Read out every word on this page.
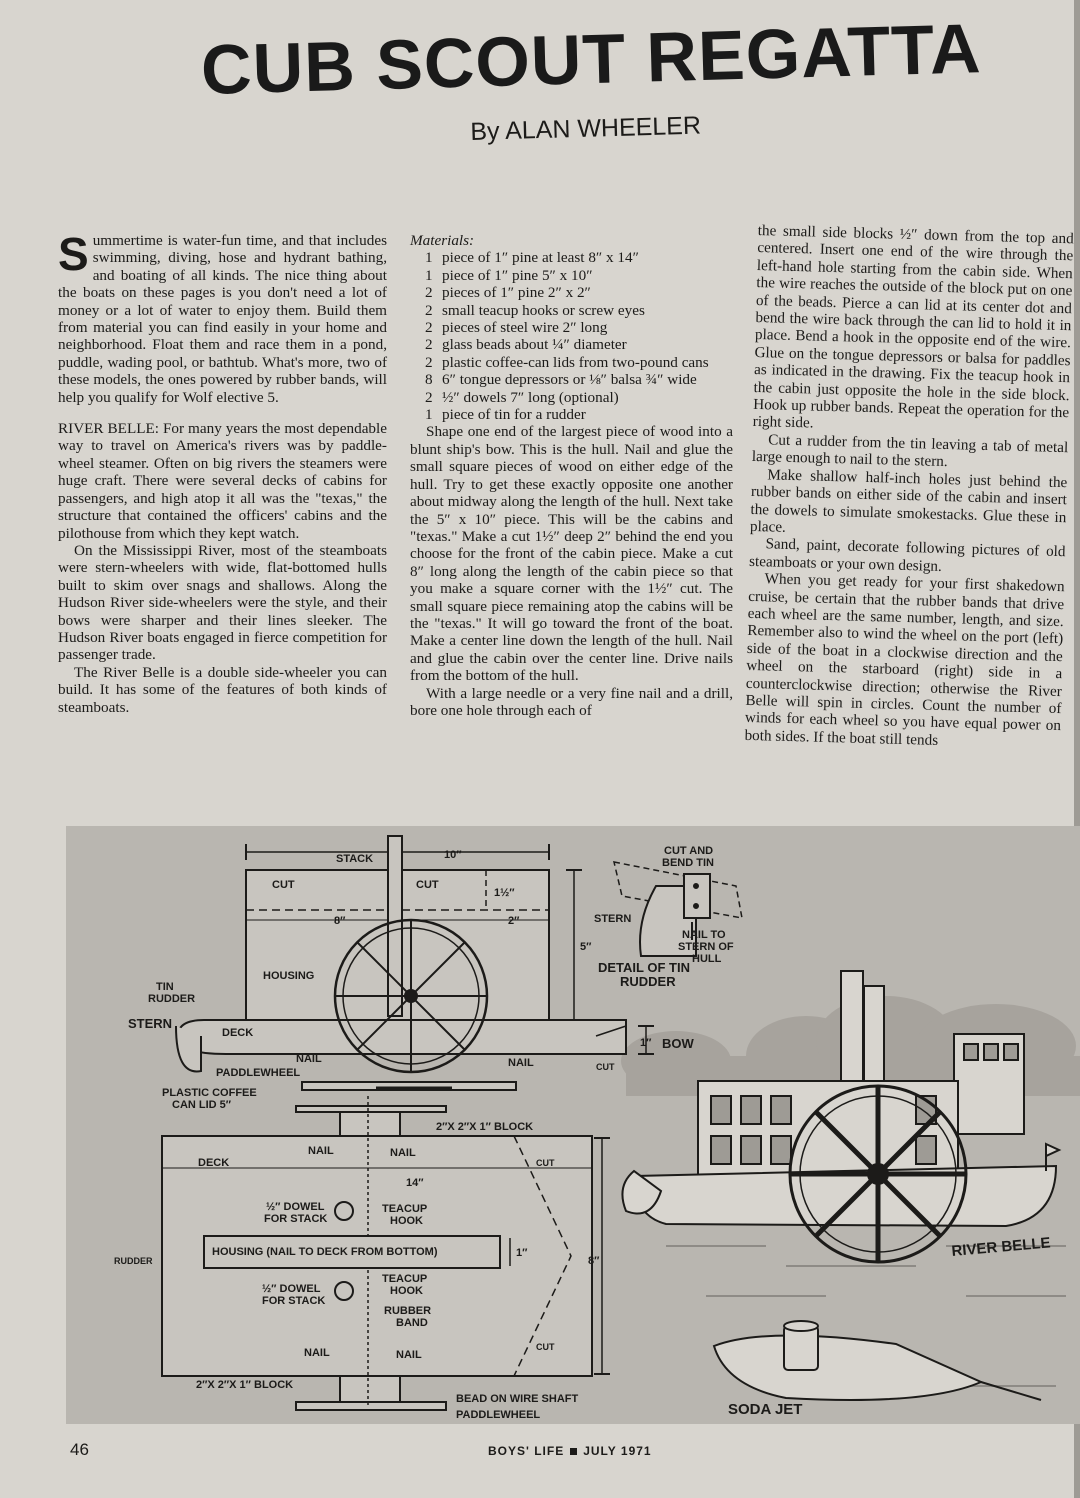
CUB SCOUT REGATTA
By ALAN WHEELER

Summertime is water-fun time, and that includes swimming, diving, hose and hydrant bathing, and boating of all kinds. The nice thing about the boats on these pages is you don't need a lot of money or a lot of water to enjoy them. Build them from material you can find easily in your home and neighborhood. Float them and race them in a pond, puddle, wading pool, or bathtub. What's more, two of these models, the ones powered by rubber bands, will help you qualify for Wolf elective 5.

RIVER BELLE: For many years the most dependable way to travel on America's rivers was by paddle-wheel steamer. Often on big rivers the steamers were huge craft. There were several decks of cabins for passengers, and high atop it all was the "texas," the structure that contained the officers' cabins and the pilothouse from which they kept watch.

On the Mississippi River, most of the steamboats were stern-wheelers with wide, flat-bottomed hulls built to skim over snags and shallows. Along the Hudson River side-wheelers were the style, and their bows were sharper and their lines sleeker. The Hudson River boats engaged in fierce competition for passenger trade.

The River Belle is a double side-wheeler you can build. It has some of the features of both kinds of steamboats.

Materials:
1 piece of 1″ pine at least 8″ x 14″
1 piece of 1″ pine 5″ x 10″
2 pieces of 1″ pine 2″ x 2″
2 small teacup hooks or screw eyes
2 pieces of steel wire 2″ long
2 glass beads about ¼″ diameter
2 plastic coffee-can lids from two-pound cans
8 6″ tongue depressors or ⅛″ balsa ¾″ wide
2 ½″ dowels 7″ long (optional)
1 piece of tin for a rudder

Shape one end of the largest piece of wood into a blunt ship's bow. This is the hull. Nail and glue the small square pieces of wood on either edge of the hull. Try to get these exactly opposite one another about midway along the length of the hull. Next take the 5″ x 10″ piece. This will be the cabins and "texas." Make a cut 1½″ deep 2″ behind the end you choose for the front of the cabin piece. Make a cut 8″ long along the length of the cabin piece so that you make a square corner with the 1½″ cut. The small square piece remaining atop the cabins will be the "texas." It will go toward the front of the boat. Make a center line down the length of the hull. Nail and glue the cabin over the center line. Drive nails from the bottom of the hull.

With a large needle or a very fine nail and a drill, bore one hole through each of

the small side blocks ½″ down from the top and centered. Insert one end of the wire through the left-hand hole starting from the cabin side. When the wire reaches the outside of the block put on one of the beads. Pierce a can lid at its center dot and bend the wire back through the can lid to hold it in place. Bend a hook in the opposite end of the wire. Glue on the tongue depressors or balsa for paddles as indicated in the drawing. Fix the teacup hook in the cabin just opposite the hole in the side block. Hook up rubber bands. Repeat the operation for the right side.

Cut a rudder from the tin leaving a tab of metal large enough to nail to the stern.

Make shallow half-inch holes just behind the rubber bands on either side of the cabin and insert the dowels to simulate smokestacks. Glue these in place.

Sand, paint, decorate following pictures of old steamboats or your own design.

When you get ready for your first shakedown cruise, be certain that the rubber bands that drive each wheel are the same number, length, and size. Remember also to wind the wheel on the port (left) side of the boat in a clockwise direction and the wheel on the starboard (right) side in a counterclockwise direction; otherwise the River Belle will spin in circles. Count the number of winds for each wheel so you have equal power on both sides. If the boat still tends

STACK	10″
CUT	CUT
1½″
8″	2″
5″
HOUSING
TIN
RUDDER
STERN
DECK
NAIL	NAIL
PADDLEWHEEL	CUT
1″ BOW
PLASTIC COFFEE
CAN LID 5″
CUT AND
BEND TIN
STERN
NAIL TO
STERN OF
HULL
DETAIL OF TIN
RUDDER
2″X 2″X 1″ BLOCK
NAIL	NAIL
DECK	CUT
14″
½″ DOWEL
FOR STACK
TEACUP
HOOK
HOUSING (NAIL TO DECK FROM BOTTOM)	1″
8″
RUDDER
½″ DOWEL
FOR STACK
TEACUP
HOOK
RUBBER
BAND
CUT
NAIL	NAIL
2″X 2″X 1″ BLOCK
BEAD ON WIRE SHAFT
PADDLEWHEEL
RIVER BELLE
SODA JET
46	BOYS' LIFE JULY 1971
